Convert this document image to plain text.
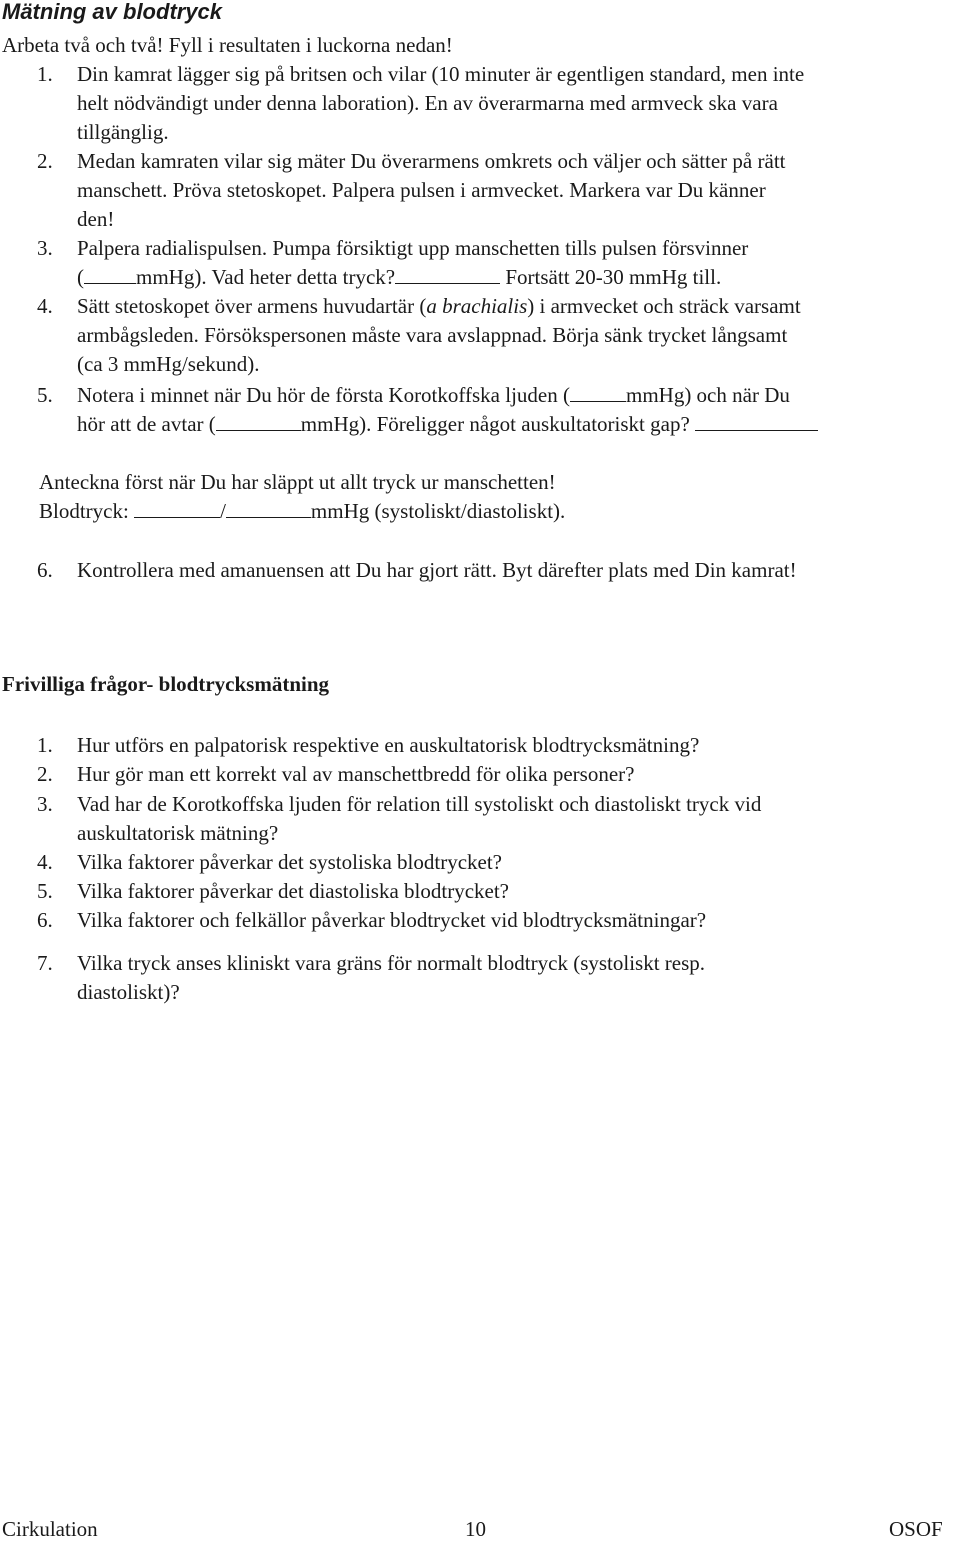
Mätning av blodtryck
Arbeta två och två! Fyll i resultaten i luckorna nedan!
1.	Din kamrat lägger sig på britsen och vilar (10 minuter är egentligen standard, men inte
helt nödvändigt under denna laboration). En av överarmarna med armveck ska vara
tillgänglig.
2.	Medan kamraten vilar sig mäter Du överarmens omkrets och väljer och sätter på rätt
manschett. Pröva stetoskopet. Palpera pulsen i armvecket. Markera var Du känner
den!
3.	Palpera radialispulsen. Pumpa försiktigt upp manschetten tills pulsen försvinner
( mmHg). Vad heter detta tryck?	Fortsätt 20-30 mmHg till.
4.	Sätt stetoskopet över armens huvudartär (a brachialis) i armvecket och sträck varsamt
armbågsleden. Försökspersonen måste vara avslappnad. Börja sänk trycket långsamt
(ca 3 mmHg/sekund).
5.	Notera i minnet när Du hör de första Korotkoffska ljuden (	mmHg) och när Du
hör att de avtar (	mmHg). Föreligger något auskultatoriskt gap?
Anteckna först när Du har släppt ut allt tryck ur manschetten!
Blodtryck:	/	mmHg (systoliskt/diastoliskt).
6.	Kontrollera med amanuensen att Du har gjort rätt. Byt därefter plats med Din kamrat!
Frivilliga frågor- blodtrycksmätning
1.	Hur utförs en palpatorisk respektive en auskultatorisk blodtrycksmätning?
2.	Hur gör man ett korrekt val av manschettbredd för olika personer?
3.	Vad har de Korotkoffska ljuden för relation till systoliskt och diastoliskt tryck vid
auskultatorisk mätning?
4.	Vilka faktorer påverkar det systoliska blodtrycket?
5.	Vilka faktorer påverkar det diastoliska blodtrycket?
6.	Vilka faktorer och felkällor påverkar blodtrycket vid blodtrycksmätningar?
7.	Vilka tryck anses kliniskt vara gräns för normalt blodtryck (systoliskt resp.
diastoliskt)?
Cirkulation	10	OSOF
